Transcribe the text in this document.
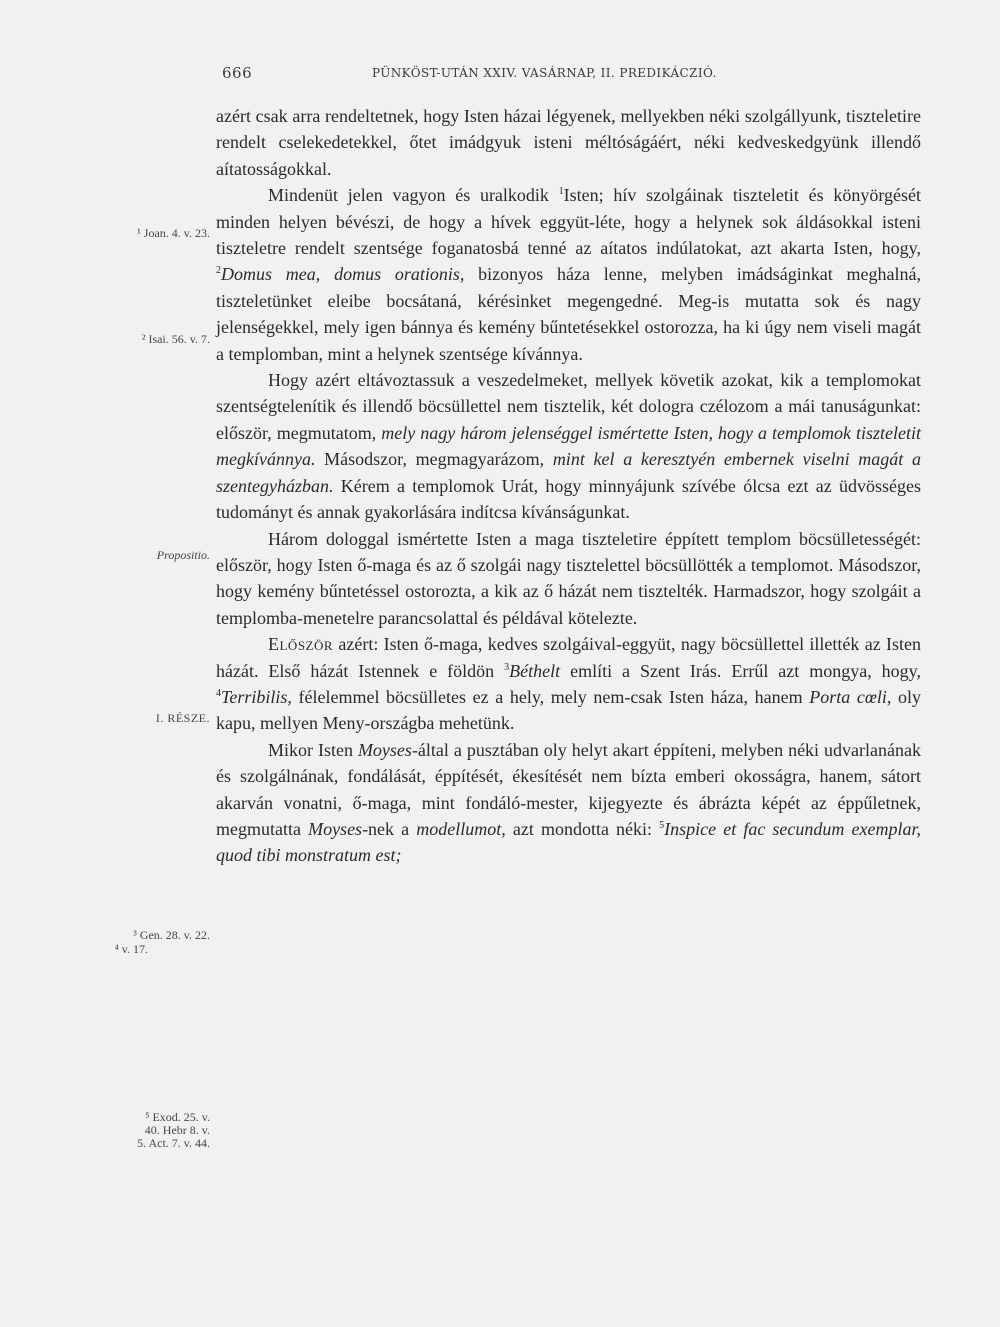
666	PÜNKÖST-UTÁN XXIV. VASÁRNAP, II. PREDIKÁCZIÓ.
¹ Joan. 4. v. 23.
² Isai. 56. v. 7.
Propositio.
I. RÉSZE.
³ Gen. 28. v. 22.
⁴ v. 17.
⁵ Exod. 25. v.
40. Hebr 8. v.
5. Act. 7. v. 44.

azért csak arra rendeltetnek, hogy Isten házai légyenek, mellyekben néki szolgállyunk, tiszteletire rendelt cselekedetekkel, őtet imádgyuk isteni méltóságáért, néki kedveskedgyünk illendő aítatosságokkal.

Mindenüt jelen vagyon és uralkodik $^1$Isten; hív szolgáinak tiszteletit és könyörgését minden helyen bévészi, de hogy a hívek eggyüt-léte, hogy a helynek sok áldásokkal isteni tiszteletre rendelt szentsége foganatosbá tenné az aítatos indúlatokat, azt akarta Isten, hogy, $^2$Domus mea, domus orationis, bizonyos háza lenne, melyben imádságinkat meghalná, tiszteletünket eleibe bocsátaná, kérésinket megengedné. Meg-is mutatta sok és nagy jelenségekkel, mely igen bánnya és kemény bűntetésekkel ostorozza, ha ki úgy nem viseli magát a templomban, mint a helynek szentsége kívánnya.

Hogy azért eltávoztassuk a veszedelmeket, mellyek követik azokat, kik a templomokat szentségtelenítik és illendő böcsüllettel nem tisztelik, két dologra czélozom a mái tanuságunkat: először, megmutatom, mely nagy három jelenséggel ismértette Isten, hogy a templomok tiszteletit megkívánnya. Másodszor, megmagyarázom, mint kel a keresztyén embernek viselni magát a szentegyházban. Kérem a templomok Urát, hogy minnyájunk szívébe ólcsa ezt az üdvösséges tudományt és annak gyakorlására indítcsa kívánságunkat.

Három dologgal ismértette Isten a maga tiszteletire éppített templom böcsülletességét: először, hogy Isten ő-maga és az ő szolgái nagy tisztelettel böcsüllötték a templomot. Másodszor, hogy kemény bűntetéssel ostorozta, a kik az ő házát nem tisztelték. Harmadszor, hogy szolgáit a templomba-menetelre parancsolattal és példával kötelezte.

Először azért: Isten ő-maga, kedves szolgáival-eggyüt, nagy böcsüllettel illették az Isten házát. Első házát Istennek e földön $^3$Béthelt említi a Szent Irás. Errűl azt mongya, hogy, $^4$Terribilis, félelemmel böcsülletes ez a hely, mely nem-csak Isten háza, hanem Porta cœli, oly kapu, mellyen Meny-országba mehetünk.

Mikor Isten Moyses-által a pusztában oly helyt akart éppíteni, melyben néki udvarlanának és szolgálnának, fondálását, éppítését, ékesítését nem bízta emberi okosságra, hanem, sátort akarván vonatni, ő-maga, mint fondáló-mester, kijegyezte és ábrázta képét az éppűletnek, megmutatta Moyses-nek a modellumot, azt mondotta néki: $^5$Inspice et fac secundum exemplar, quod tibi monstratum est;
